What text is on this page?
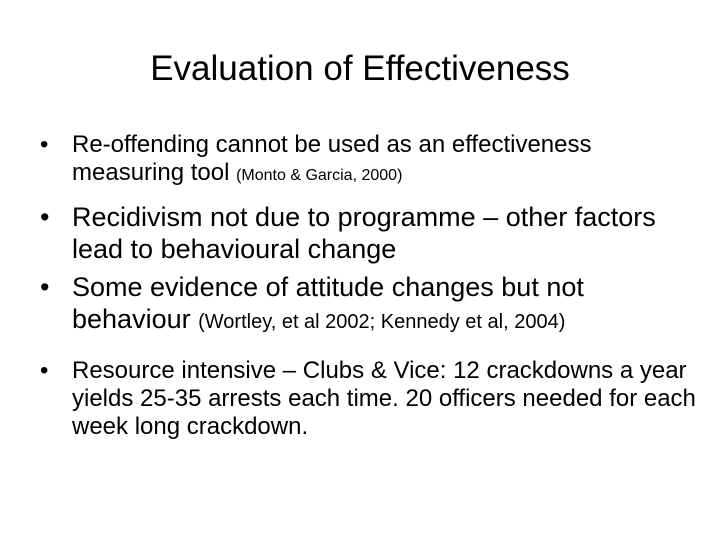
Evaluation of Effectiveness
• Re-offending cannot be used as an effectiveness measuring tool (Monto & Garcia, 2000)
• Recidivism not due to programme – other factors lead to behavioural change
• Some evidence of attitude changes but not behaviour (Wortley, et al 2002; Kennedy et al, 2004)
• Resource intensive – Clubs & Vice: 12 crackdowns a year yields 25-35 arrests each time. 20 officers needed for each week long crackdown.
